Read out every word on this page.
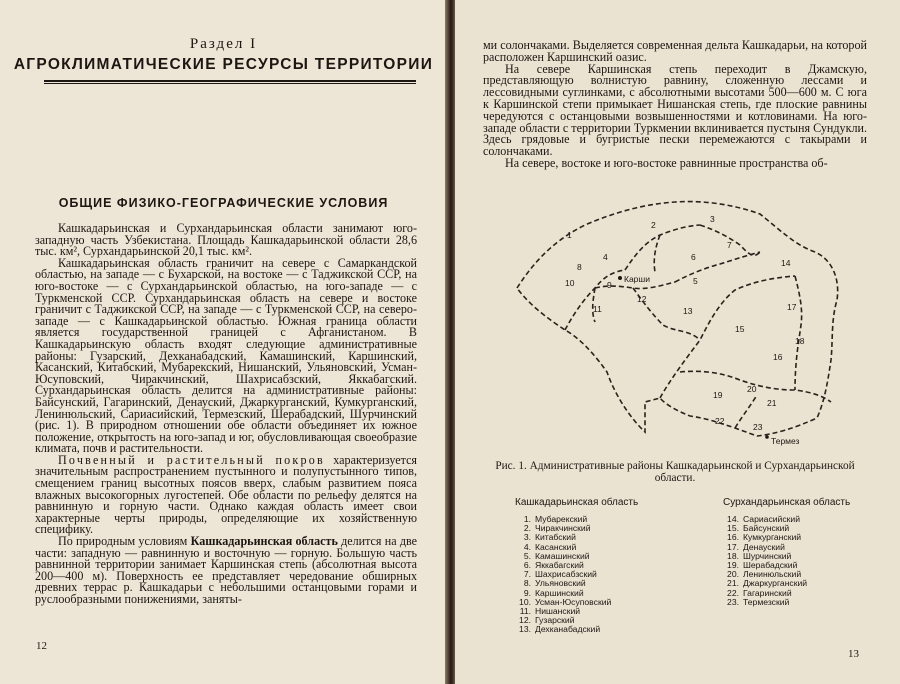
Раздел I
АГРОКЛИМАТИЧЕСКИЕ РЕСУРСЫ ТЕРРИТОРИИ
ОБЩИЕ ФИЗИКО-ГЕОГРАФИЧЕСКИЕ УСЛОВИЯ

Кашкадарьинская и Сурхандарьинская области занимают юго-западную часть Узбекистана. Площадь Кашкадарьинской области 28,6 тыс. км², Сурхандарьинской 20,1 тыс. км².

Кашкадарьинская область граничит на севере с Самаркандской областью, на западе — с Бухарской, на востоке — с Таджикской ССР, на юго-востоке — с Сурхандарьинской областью, на юго-западе — с Туркменской ССР. Сурхандарьинская область на севере и востоке граничит с Таджикской ССР, на западе — с Туркменской ССР, на северо-западе — с Кашкадарьинской областью. Южная граница области является государственной границей с Афганистаном. В Кашкадарьинскую область входят следующие административные районы: Гузарский, Дехканабадский, Камашинский, Каршинский, Касанский, Китабский, Мубарекский, Нишанский, Ульяновский, Усман-Юсуповский, Чиракчинский, Шахрисабзский, Яккабагский. Сурхандарьинская область делится на административные районы: Байсунский, Гагаринский, Денауский, Джаркурганский, Кумкурганский, Ленинюльский, Сариасийский, Термезский, Шерабадский, Шурчинский (рис. 1). В природном отношении обе области объединяет их южное положение, открытость на юго-запад и юг, обусловливающая своеобразие климата, почв и растительности.

Почвенный и растительный покров характеризуется значительным распространением пустынного и полупустынного типов, смещением границ высотных поясов вверх, слабым развитием пояса влажных высокогорных лугостепей. Обе области по рельефу делятся на равнинную и горную части. Однако каждая область имеет свои характерные черты природы, определяющие их хозяйственную специфику.

По природным условиям Кашкадарьинская область делится на две части: западную — равнинную и восточную — горную. Большую часть равнинной территории занимает Каршинская степь (абсолютная высота 200—400 м). Поверхность ее представляет чередование обширных древних террас р. Кашкадарьи с небольшими останцовыми горами и руслообразными понижениями, заняты-

12

ми солончаками. Выделяется современная дельта Кашкадарьи, на которой расположен Каршинский оазис.

На севере Каршинская степь переходит в Джамскую, представляющую волнистую равнину, сложенную лессами и лессовидными суглинками, с абсолютными высотами 500—600 м. С юга к Каршинской степи примыкает Нишанская степь, где плоские равнины чередуются с останцовыми возвышенностями и котловинами. На юго-западе области с территории Туркмении вклинивается пустыня Сундукли. Здесь грядовые и бугристые пески перемежаются с такырами и солончаками.

На севере, востоке и юго-востоке равнинные пространства об-

1
2
3
4
5
6
7
8
9
10
11
12
13
14
15
16
17
18
19
20
21
22
23
Карши
Термез
Рис. 1. Административные районы Кашкадарьинской и Сурхандарьинской области.
Кашкадарьинская область
1. Мубарекский
2. Чиракчинский
3. Китабский
4. Касанский
5. Камашинский
6. Яккабагский
7. Шахрисабзский
8. Ульяновский
9. Каршинский
10. Усман-Юсуповский
11. Нишанский
12. Гузарский
13. Дехканабадский
Сурхандарьинская область
14. Сариасийский
15. Байсунский
16. Кумкурганский
17. Денауский
18. Шурчинский
19. Шерабадский
20. Ленинюльский
21. Джаркурганский
22. Гагаринский
23. Термезский
13
